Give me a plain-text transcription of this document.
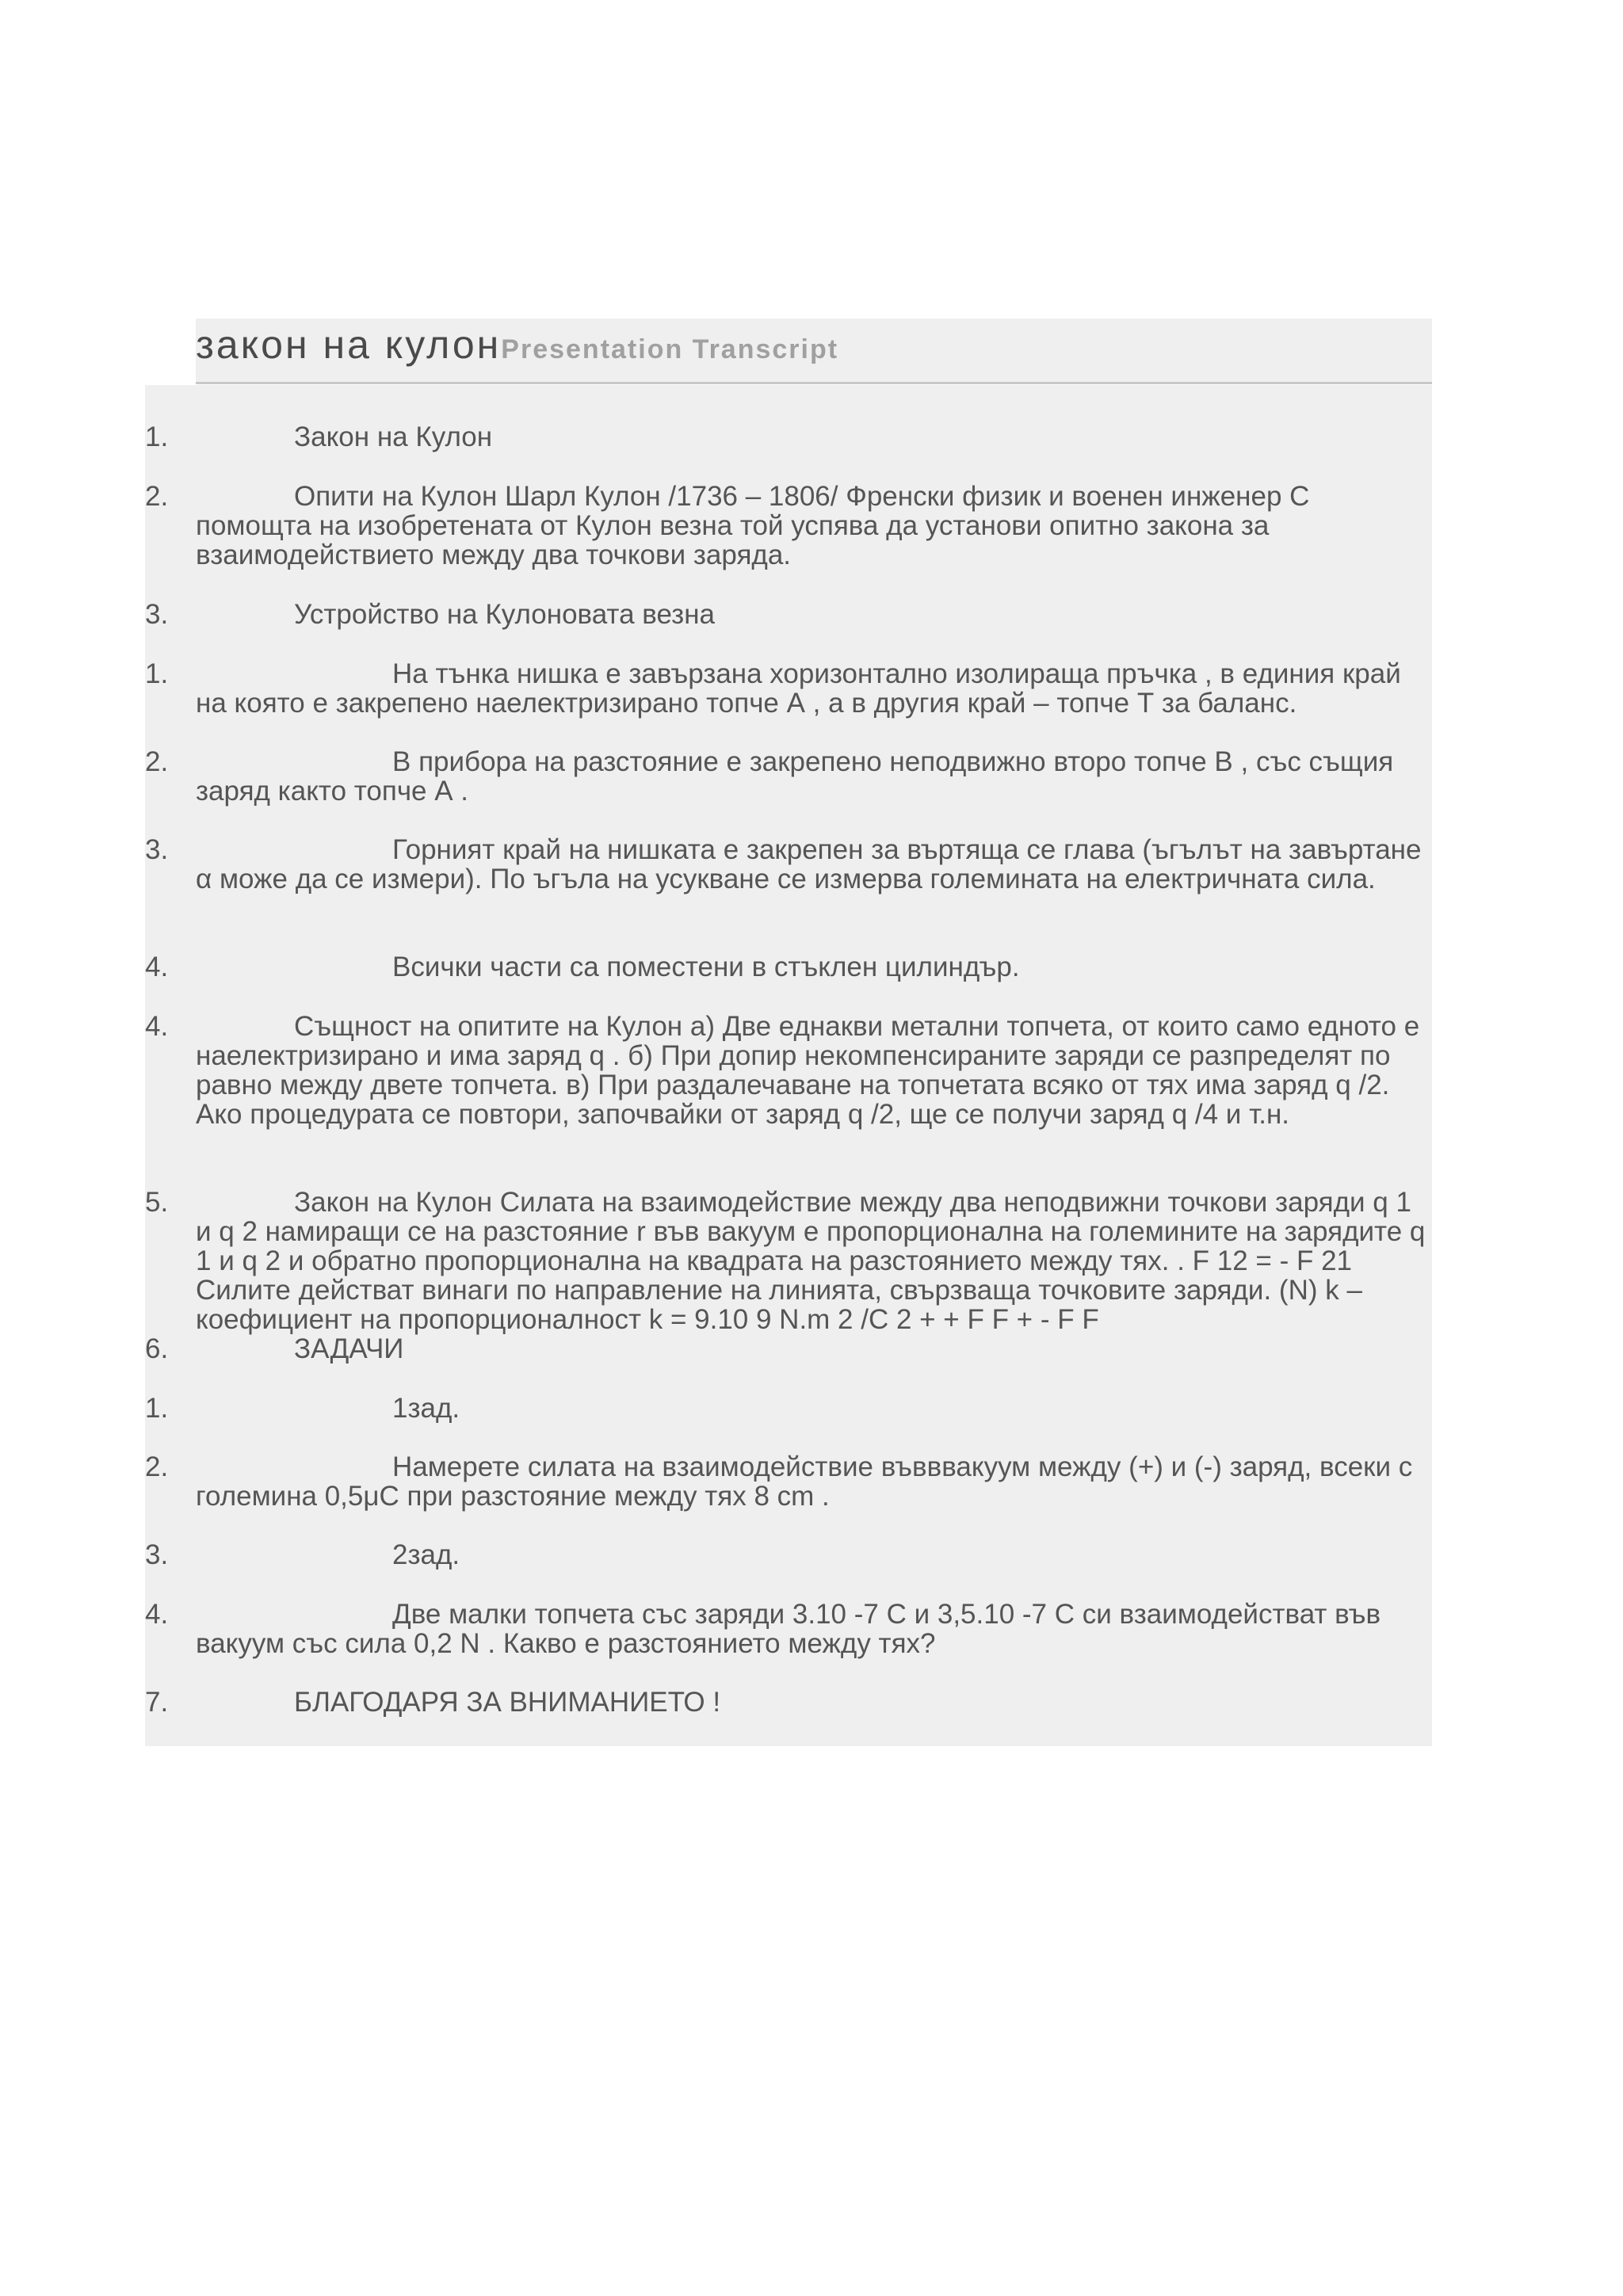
закон на кулонPresentation Transcript
1.	Закон на Кулон
2.	Опити на Кулон Шарл Кулон /1736 – 1806/ Френски физик и военен инженер С помощта на изобретената от Кулон везна той успява да установи опитно закона за взаимодействието между два точкови заряда.
3.	Устройство на Кулоновата везна
1.	На тънка нишка е завързана хоризонтално изолираща пръчка , в единия край на която е закрепено наелектризирано топче А , а в другия край – топче Т за баланс.
2.	В прибора на разстояние е закрепено неподвижно второ топче В , със същия заряд както топче А .
3.	Горният край на нишката е закрепен за въртяща се глава (ъгълът на завъртане α може да се измери). По ъгъла на усукване се измерва големината на електричната сила.
4.	Всички части са поместени в стъклен цилиндър.
4.	Същност на опитите на Кулон а) Две еднакви метални топчета, от които само едното е наелектризирано и има заряд q . б) При допир некомпенсираните заряди се разпределят по равно между двете топчета. в) При раздалечаване на топчетата всяко от тях има заряд q /2. Ако процедурата се повтори, започвайки от заряд q /2, ще се получи заряд q /4 и т.н.
5.	Закон на Кулон Силата на взаимодействие между два неподвижни точкови заряди q 1 и q 2 намиращи се на разстояние r във вакуум е пропорционална на големините на зарядите q 1 и q 2 и обратно пропорционална на квадрата на разстоянието между тях. . F 12 = - F 21 Силите действат винаги по направление на линията, свързваща точковите заряди. (N) k – коефициент на пропорционалност k = 9.10 9 N.m 2 /C 2 + + F F + - F F
6.	ЗАДАЧИ
1.	1зад.
2.	Намерете силата на взаимодействие въвввакуум между (+) и (-) заряд, всеки с големина 0,5μC при разстояние между тях 8 cm .
3.	2зад.
4.	Две малки топчета със заряди 3.10 -7 C и 3,5.10 -7 C си взаимодействат във вакуум със сила 0,2 N . Какво е разстоянието между тях?
7.	БЛАГОДАРЯ ЗА ВНИМАНИЕТО !
